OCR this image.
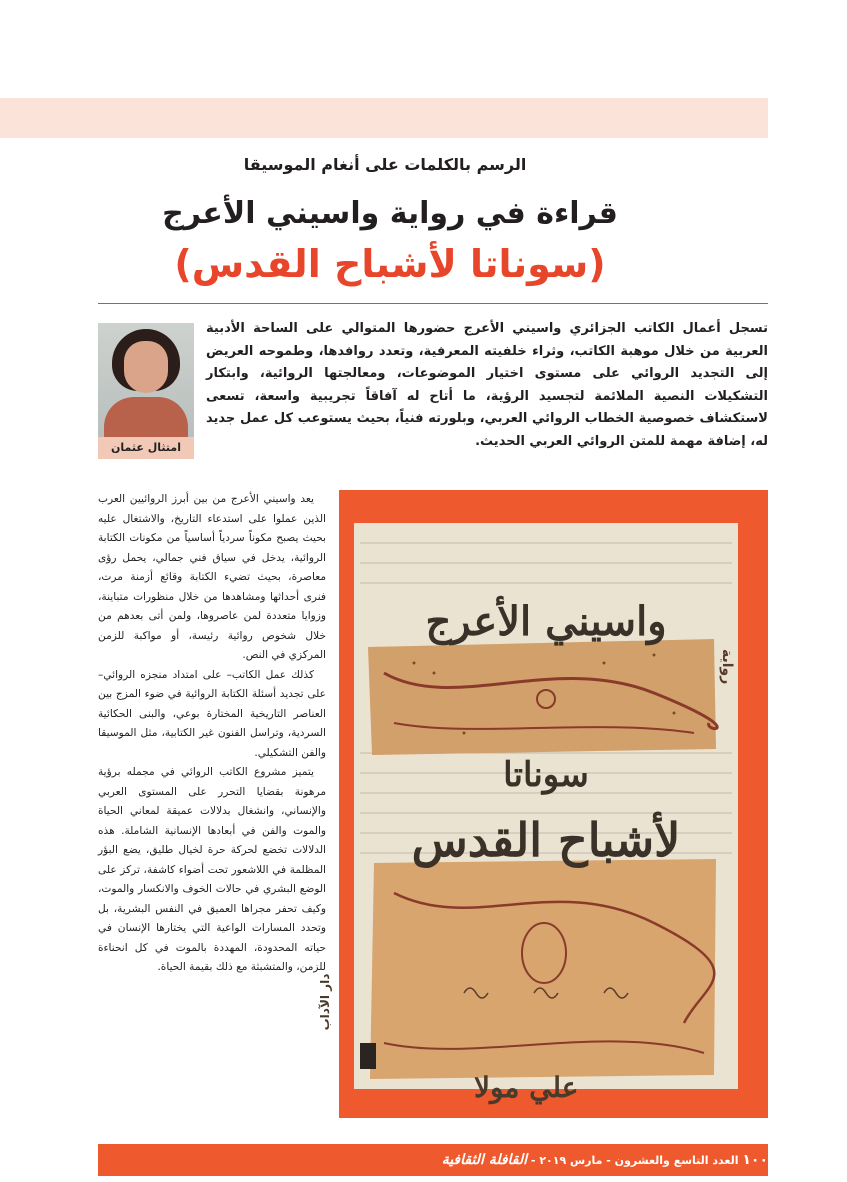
الرسم بالكلمات على أنغام الموسيقا
قراءة في رواية واسيني الأعرج
(سوناتا لأشباح القدس)
امتثال عثمان

تسجل أعمال الكاتب الجزائري واسيني الأعرج حضورها المتوالي على الساحة الأدبية العربية من خلال موهبة الكاتب، وثراء خلفيته المعرفية، وتعدد روافدها، وطموحه العريض إلى التجديد الروائي على مستوى اختيار الموضوعات، ومعالجتها الروائية، وابتكار التشكيلات النصية الملائمة لتجسيد الرؤية، ما أتاح له آفاقاً تجريبية واسعة، تسعى لاستكشاف خصوصية الخطاب الروائي العربي، وبلورته فنياً، بحيث يستوعب كل عمل جديد له، إضافة مهمة للمتن الروائي العربي الحديث.

يعد واسيني الأعرج من بين أبرز الروائيين العرب الذين عملوا على استدعاء التاريخ، والاشتغال عليه بحيث يصبح مكوناً سردياً أساسياً من مكونات الكتابة الروائية، يدخل في سياق فني جمالي، يحمل رؤى معاصرة، بحيث تضيء الكتابة وقائع أزمنة مرت، فنرى أحداثها ومشاهدها من خلال منظورات متباينة، وزوايا متعددة لمن عاصروها، ولمن أتى بعدهم من خلال شخوص روائية رئيسة، أو مواكبة للزمن المركزي في النص.

كذلك عمل الكاتب– على امتداد منجزه الروائي– على تجديد أسئلة الكتابة الروائية في ضوء المزج بين العناصر التاريخية المختارة بوعي، والبنى الحكائية السردية، وتراسل الفنون غير الكتابية، مثل الموسيقا والفن التشكيلي.

يتميز مشروع الكاتب الروائي في مجمله برؤية مرهونة بقضايا التحرر على المستوى العربي والإنساني، وانشغال بدلالات عميقة لمعاني الحياة والموت والفن في أبعادها الإنسانية الشاملة. هذه الدلالات تخضع لحركة حرة لخيال طليق، يضع البؤر المظلمة في اللاشعور تحت أضواء كاشفة، تركز على الوضع البشري في حالات الخوف والانكسار والموت، وكيف تحفر مجراها العميق في النفس البشرية، بل وتحدد المسارات الواعية التي يختارها الإنسان في حياته المحدودة، المهددة بالموت في كل انحناءة للزمن، والمتشبثة مع ذلك بقيمة الحياة.

رواية
واسيني الأعرج
سوناتا
لأشباح القدس
دار الآداب
علي مولا
١٠٠ العدد التاسع والعشرون - مارس ٢٠١٩ - القافلة الثقافية
